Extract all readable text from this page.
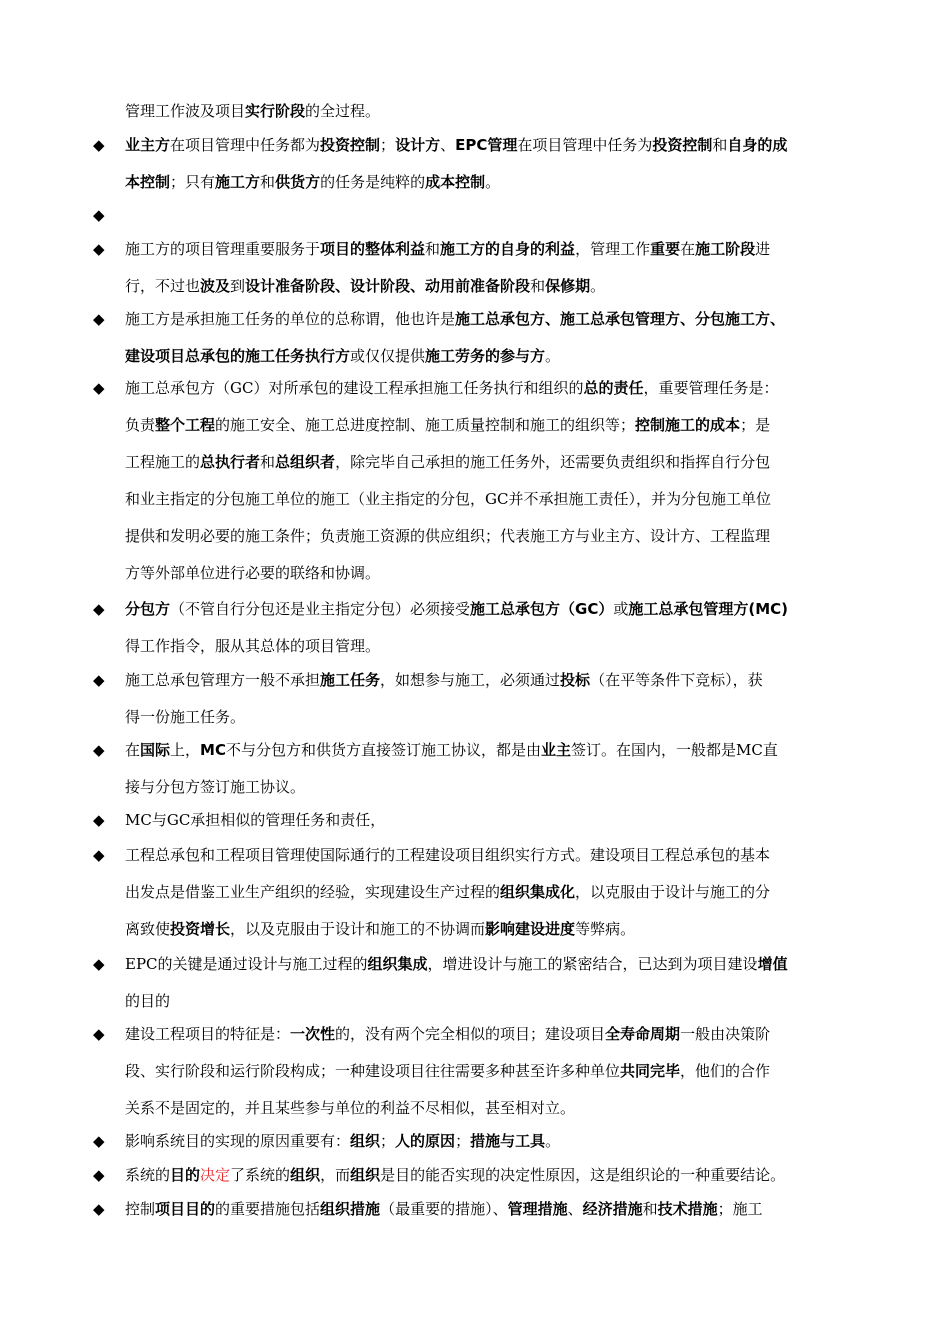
管理工作波及项目实行阶段的全过程。
◆ 业主方在项目管理中任务都为投资控制；设计方、EPC管理在项目管理中任务为投资控制和自身的成
本控制；只有施工方和供货方的任务是纯粹的成本控制。
◆
◆ 施工方的项目管理重要服务于项目的整体利益和施工方的自身的利益，管理工作重要在施工阶段进
行，不过也波及到设计准备阶段、设计阶段、动用前准备阶段和保修期。
◆ 施工方是承担施工任务的单位的总称谓，他也许是施工总承包方、施工总承包管理方、分包施工方、
建设项目总承包的施工任务执行方或仅仅提供施工劳务的参与方。
◆ 施工总承包方（GC）对所承包的建设工程承担施工任务执行和组织的总的责任，重要管理任务是：
负责整个工程的施工安全、施工总进度控制、施工质量控制和施工的组织等；控制施工的成本；是
工程施工的总执行者和总组织者，除完毕自己承担的施工任务外，还需要负责组织和指挥自行分包
和业主指定的分包施工单位的施工（业主指定的分包，GC并不承担施工责任），并为分包施工单位
提供和发明必要的施工条件；负责施工资源的供应组织；代表施工方与业主方、设计方、工程监理
方等外部单位进行必要的联络和协调。
◆ 分包方（不管自行分包还是业主指定分包）必须接受施工总承包方（GC）或施工总承包管理方(MC)
得工作指令，服从其总体的项目管理。
◆ 施工总承包管理方一般不承担施工任务，如想参与施工，必须通过投标（在平等条件下竞标），获
得一份施工任务。
◆ 在国际上，MC不与分包方和供货方直接签订施工协议，都是由业主签订。在国内，一般都是MC直
接与分包方签订施工协议。
◆ MC与GC承担相似的管理任务和责任，
◆ 工程总承包和工程项目管理使国际通行的工程建设项目组织实行方式。建设项目工程总承包的基本
出发点是借鉴工业生产组织的经验，实现建设生产过程的组织集成化，以克服由于设计与施工的分
离致使投资增长，以及克服由于设计和施工的不协调而影响建设进度等弊病。
◆ EPC的关键是通过设计与施工过程的组织集成，增进设计与施工的紧密结合，已达到为项目建设增值
的目的
◆ 建设工程项目的特征是：一次性的，没有两个完全相似的项目；建设项目全寿命周期一般由决策阶
段、实行阶段和运行阶段构成；一种建设项目往往需要多种甚至许多种单位共同完毕，他们的合作
关系不是固定的，并且某些参与单位的利益不尽相似，甚至相对立。
◆ 影响系统目的实现的原因重要有：组织；人的原因；措施与工具。
◆ 系统的目的决定了系统的组织，而组织是目的能否实现的决定性原因，这是组织论的一种重要结论。
◆ 控制项目目的的重要措施包括组织措施（最重要的措施）、管理措施、经济措施和技术措施；施工
